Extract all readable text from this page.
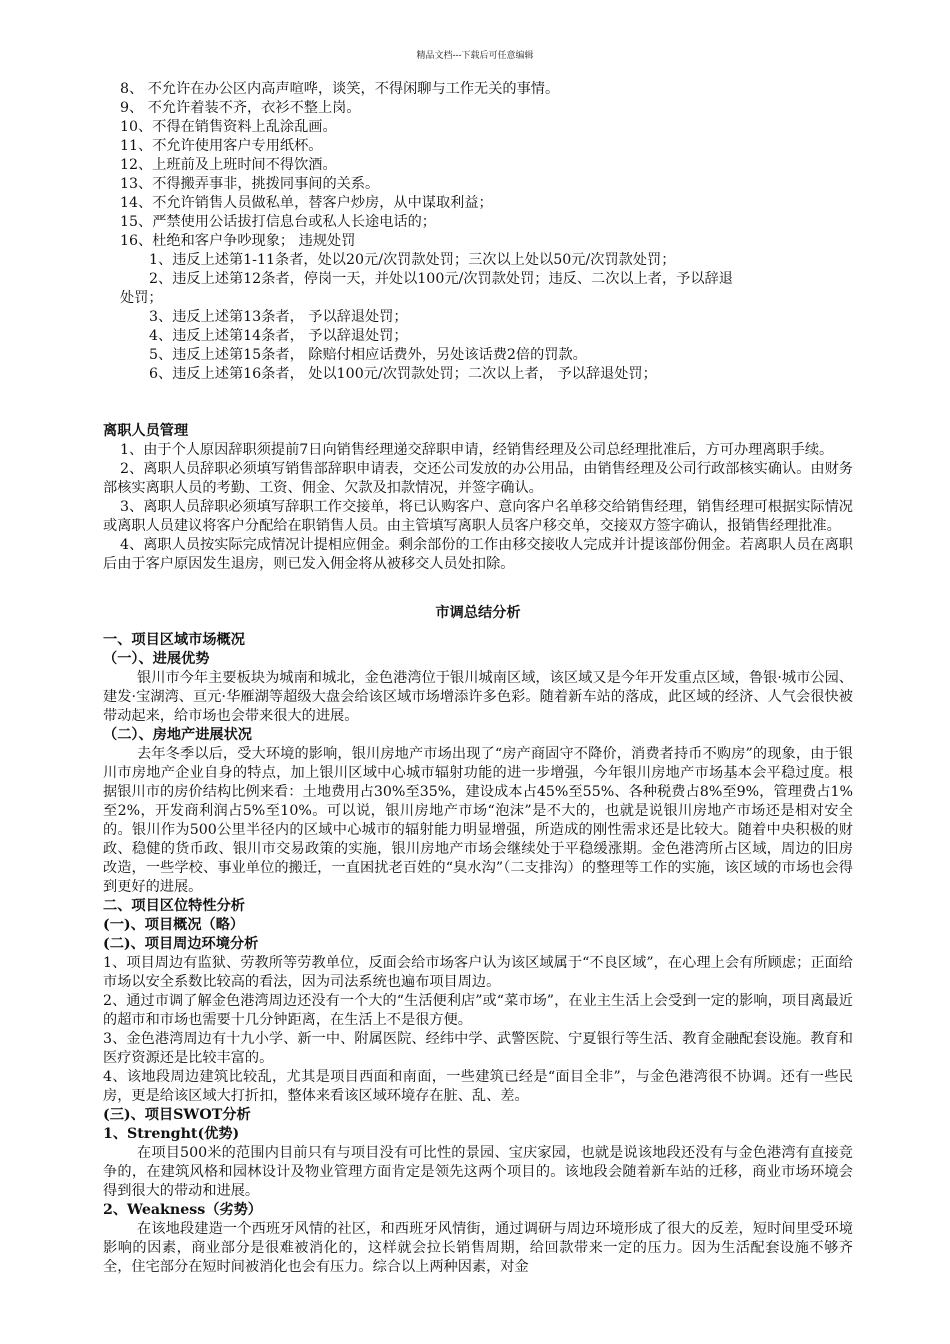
精品文档---下载后可任意编辑
8、 不允许在办公区内高声喧哗，谈笑，不得闲聊与工作无关的事情。
9、 不允许着装不齐，衣衫不整上岗。
10、不得在销售资料上乱涂乱画。
11、不允许使用客户专用纸杯。
12、上班前及上班时间不得饮酒。
13、不得搬弄事非，挑拨同事间的关系。
14、不允许销售人员做私单，替客户炒房，从中谋取利益；
15、严禁使用公话拔打信息台或私人长途电话的；
16、杜绝和客户争吵现象； 违规处罚
1、违反上述第1-11条者，处以20元/次罚款处罚；三次以上处以50元/次罚款处罚；
2、违反上述第12条者，停岗一天，并处以100元/次罚款处罚；违反、二次以上者，予以辞退
处罚；
3、违反上述第13条者， 予以辞退处罚；
4、违反上述第14条者， 予以辞退处罚；
5、违反上述第15条者， 除赔付相应话费外，另处该话费2倍的罚款。
6、违反上述第16条者， 处以100元/次罚款处罚；二次以上者， 予以辞退处罚；
离职人员管理
1、由于个人原因辞职须提前7日向销售经理递交辞职申请，经销售经理及公司总经理批准后，方可办理离职手续。
2、离职人员辞职必须填写销售部辞职申请表，交还公司发放的办公用品，由销售经理及公司行政部核实确认。由财务部核实离职人员的考勤、工资、佣金、欠款及扣款情况，并签字确认。
3、离职人员辞职必须填写辞职工作交接单，将已认购客户、意向客户名单移交给销售经理，销售经理可根据实际情况或离职人员建议将客户分配给在职销售人员。由主管填写离职人员客户移交单，交接双方签字确认，报销售经理批准。
4、离职人员按实际完成情况计提相应佣金。剩余部份的工作由移交接收人完成并计提该部份佣金。若离职人员在离职后由于客户原因发生退房，则已发入佣金将从被移交人员处扣除。
市调总结分析
一、项目区域市场概况
（一）、进展优势
银川市今年主要板块为城南和城北，金色港湾位于银川城南区域，该区域又是今年开发重点区域，鲁银·城市公园、建发·宝湖湾、亘元·华雁湖等超级大盘会给该区域市场增添许多色彩。随着新车站的落成，此区域的经济、人气会很快被带动起来，给市场也会带来很大的进展。
（二）、房地产进展状况
去年冬季以后，受大环境的影响，银川房地产市场出现了“房产商固守不降价，消费者持币不购房”的现象，由于银川市房地产企业自身的特点，加上银川区域中心城市辐射功能的进一步增强，今年银川房地产市场基本会平稳过度。根据银川市的房价结构比例来看：土地费用占30%至35%，建设成本占45%至55%、各种税费占8%至9%，管理费占1%至2%，开发商利润占5%至10%。可以说，银川房地产市场“泡沫”是不大的，也就是说银川房地产市场还是相对安全的。银川作为500公里半径内的区域中心城市的辐射能力明显增强，所造成的刚性需求还是比较大。随着中央积极的财政、稳健的货币政、银川市交易政策的实施，银川房地产市场会继续处于平稳缓涨期。金色港湾所占区域，周边的旧房改造，一些学校、事业单位的搬迁，一直困扰老百姓的“臭水沟”（二支排沟）的整理等工作的实施，该区域的市场也会得到更好的进展。
二、项目区位特性分析
(一)、项目概况（略）
(二)、项目周边环境分析
1、项目周边有监狱、劳教所等劳教单位，反面会给市场客户认为该区域属于“不良区域”，在心理上会有所顾虑；正面给市场以安全系数比较高的看法，因为司法系统也遍布项目周边。
2、通过市调了解金色港湾周边还没有一个大的“生活便利店”或“菜市场”，在业主生活上会受到一定的影响，项目离最近的超市和市场也需要十几分钟距离，在生活上不是很方便。
3、金色港湾周边有十九小学、新一中、附属医院、经纬中学、武警医院、宁夏银行等生活、教育金融配套设施。教育和医疗资源还是比较丰富的。
4、该地段周边建筑比较乱，尤其是项目西面和南面，一些建筑已经是“面目全非”，与金色港湾很不协调。还有一些民房，更是给该区域大打折扣，整体来看该区域环境存在脏、乱、差。
(三)、项目SWOT分析
1、Strenght(优势)
在项目500米的范围内目前只有与项目没有可比性的景园、宝庆家园，也就是说该地段还没有与金色港湾有直接竞争的，在建筑风格和园林设计及物业管理方面肯定是领先这两个项目的。该地段会随着新车站的迁移，商业市场环境会得到很大的带动和进展。
2、Weakness（劣势）
在该地段建造一个西班牙风情的社区，和西班牙风情街，通过调研与周边环境形成了很大的反差，短时间里受环境影响的因素，商业部分是很难被消化的，这样就会拉长销售周期，给回款带来一定的压力。因为生活配套设施不够齐全，住宅部分在短时间被消化也会有压力。综合以上两种因素，对金
